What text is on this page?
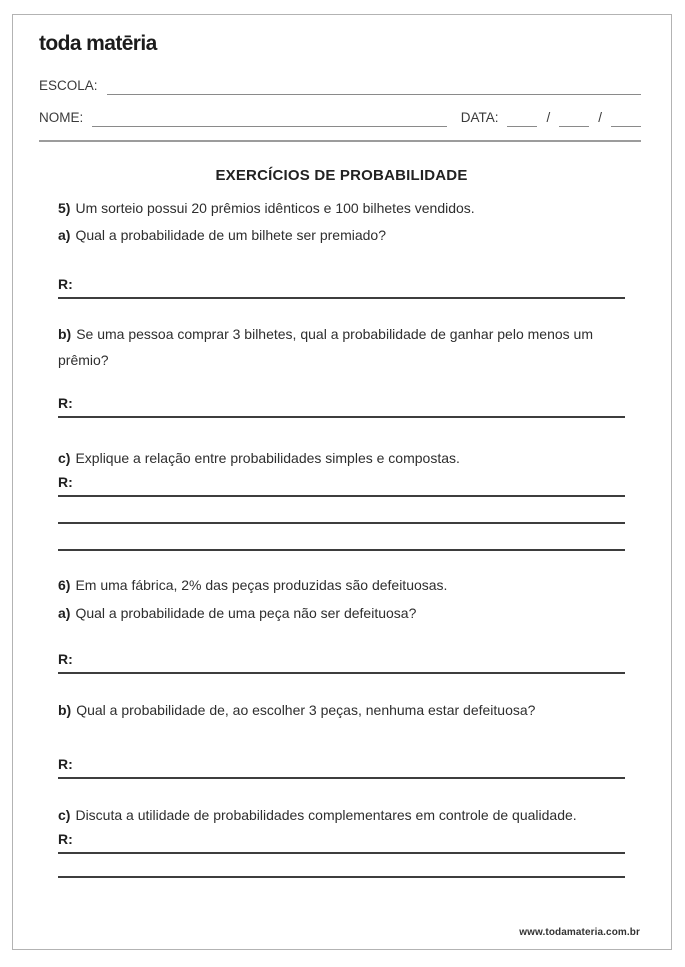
toda matēria
ESCOLA:
NOME:	DATA:	/	/
EXERCÍCIOS DE PROBABILIDADE

5) Um sorteio possui 20 prêmios idênticos e 100 bilhetes vendidos.

a) Qual a probabilidade de um bilhete ser premiado?

R:

b) Se uma pessoa comprar 3 bilhetes, qual a probabilidade de ganhar pelo menos um prêmio?

R:

c) Explique a relação entre probabilidades simples e compostas.

R:

6) Em uma fábrica, 2% das peças produzidas são defeituosas.

a) Qual a probabilidade de uma peça não ser defeituosa?

R:

b) Qual a probabilidade de, ao escolher 3 peças, nenhuma estar defeituosa?

R:

c) Discuta a utilidade de probabilidades complementares em controle de qualidade.

R:
www.todamateria.com.br
